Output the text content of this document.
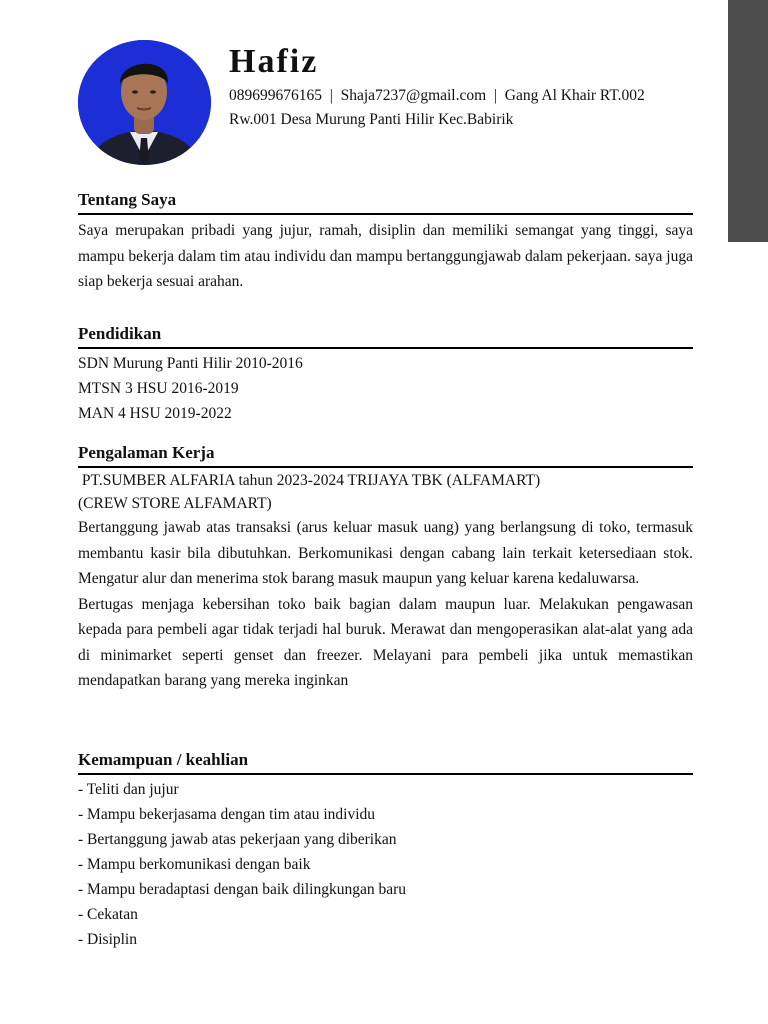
Hafiz
089699676165  |  Shaja7237@gmail.com  |  Gang Al Khair RT.002
Rw.001 Desa Murung Panti Hilir Kec.Babirik
Tentang Saya

Saya merupakan pribadi yang jujur, ramah, disiplin dan memiliki semangat yang tinggi, saya mampu bekerja dalam tim atau individu dan mampu bertanggungjawab dalam pekerjaan. saya juga siap bekerja sesuai arahan.

Pendidikan
SDN Murung Panti Hilir 2010-2016
MTSN 3 HSU 2016-2019
MAN 4 HSU 2019-2022
Pengalaman Kerja

PT.SUMBER ALFARIA tahun 2023-2024 TRIJAYA TBK (ALFAMART)

(CREW STORE ALFAMART)

Bertanggung jawab atas transaksi (arus keluar masuk uang) yang berlangsung di toko, termasuk membantu kasir bila dibutuhkan. Berkomunikasi dengan cabang lain terkait ketersediaan stok. Mengatur alur dan menerima stok barang masuk maupun yang keluar karena kedaluwarsa.

Bertugas menjaga kebersihan toko baik bagian dalam maupun luar. Melakukan pengawasan kepada para pembeli agar tidak terjadi hal buruk. Merawat dan mengoperasikan alat-alat yang ada di minimarket seperti genset dan freezer. Melayani para pembeli jika untuk memastikan mendapatkan barang yang mereka inginkan

Kemampuan / keahlian
- Teliti dan jujur
- Mampu bekerjasama dengan tim atau individu
- Bertanggung jawab atas pekerjaan yang diberikan
- Mampu berkomunikasi dengan baik
- Mampu beradaptasi dengan baik dilingkungan baru
- Cekatan
- Disiplin
